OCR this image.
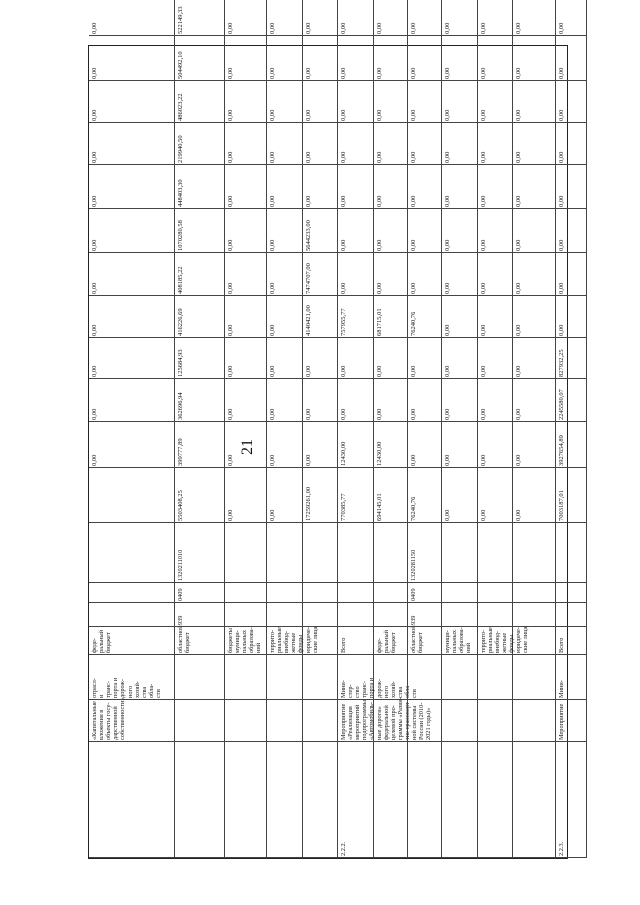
21
«Капитальные
вложения в
объекты госу-
дарственной
собственности»
отрасл-
и
транс-
порта и
дорож-
ного
хозяй-
ства
обла-
сти
феде-
ральный
бюджет
0,00
0,00
0,00
0,00
0,00
0,00
0,00
0,00
0,00
0,00
0,00
областной
бюджет
939
0409
1320211010
5503408,25
399777,89
362696,94
125684,93
416226,69
408185,22
1070280,58
448403,30
219940,50
486023,22
504492,10
522149,33
бюджеты
муници-
пальных
образова-
ний
0,00
0,00
0,00
0,00
0,00
0,00
0,00
0,00
0,00
0,00
0,00
0,00
террито-
риальные
внебюд-
жетные
фонды
0,00
0,00
0,00
0,00
0,00
0,00
0,00
0,00
0,00
0,00
0,00
0,00
юридиче-
ские лица
17259261,00
0,00
0,00
0,00
4140421,00
7474707,00
5644233,00
0,00
0,00
0,00
0,00
0,00
2.2.2.
Мероприятие
«Реализация
мероприятий
подпрограммы
«Автомобиль-
ные дороги»
федеральной
целевой про-
граммы «Разви-
тие транспорт-
ной системы
России (2010-
2021 годы)»
Мини-
стер-
ство
транс-
порта и
дорож-
ного
хозяй-
ства
обла-
сти
Всего
770385,77
12430,00
0,00
0,00
757955,77
0,00
0,00
0,00
0,00
0,00
0,00
0,00
феде-
ральный
бюджет
694145,01
12430,00
0,00
0,00
681715,01
0,00
0,00
0,00
0,00
0,00
0,00
0,00
областной
бюджет
939
0409
1320281150
76240,76
0,00
0,00
0,00
76240,76
0,00
0,00
0,00
0,00
0,00
0,00
0,00
муници-
пальных
образова-
ний
0,00
0,00
0,00
0,00
0,00
0,00
0,00
0,00
0,00
0,00
0,00
0,00
террито-
риальные
внебюд-
жетные
фонды
0,00
0,00
0,00
0,00
0,00
0,00
0,00
0,00
0,00
0,00
0,00
0,00
юридиче-
ские лица
0,00
0,00
0,00
0,00
0,00
0,00
0,00
0,00
0,00
0,00
0,00
0,00
2.2.3.
Мероприятие
Мини-
Всего
7003187,01
3927654,89
2245580,07
827932,25
0,00
0,00
0,00
0,00
0,00
0,00
0,00
0,00
